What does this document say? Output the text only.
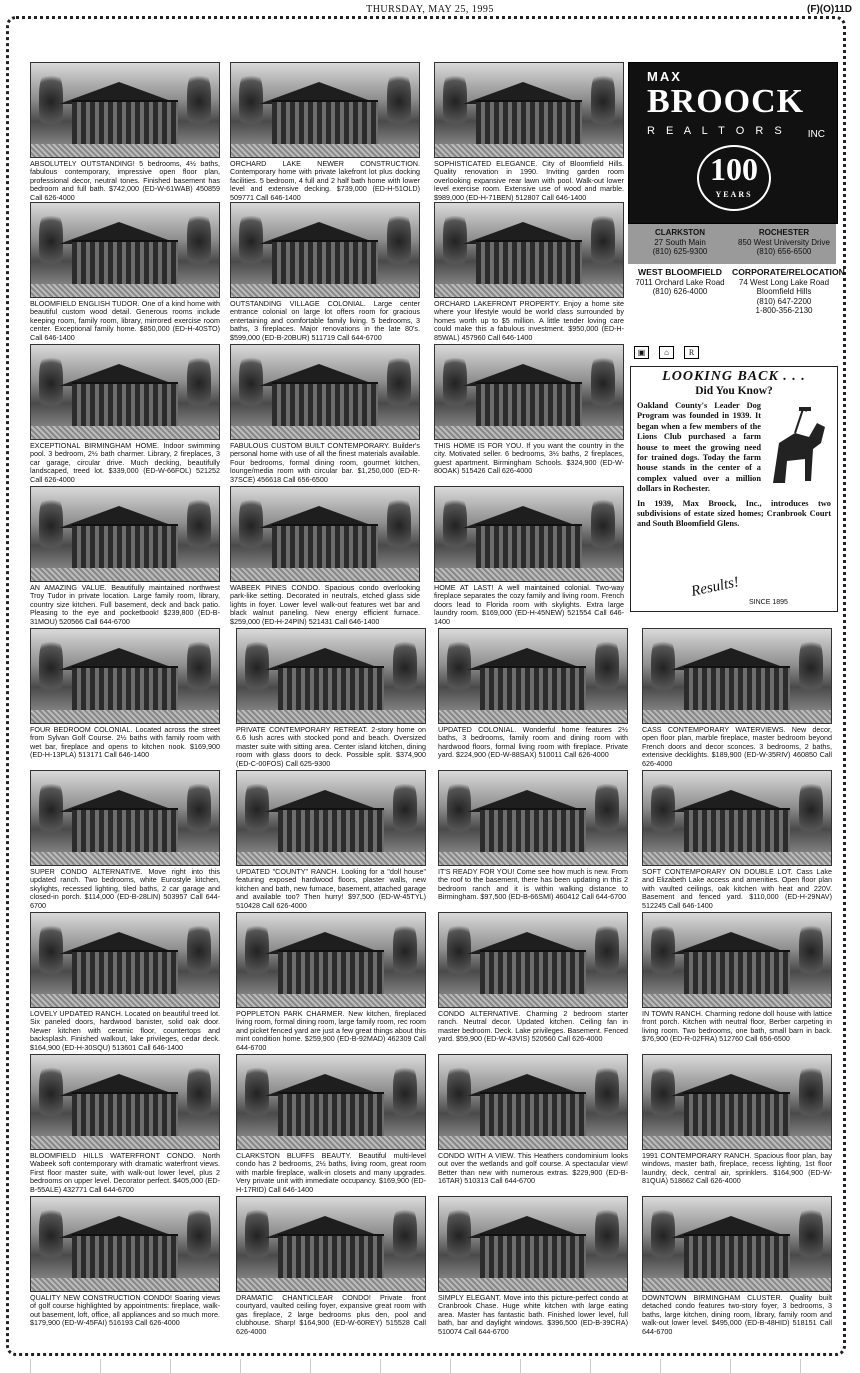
THURSDAY, MAY 25, 1995	(F)(O)11D
ABSOLUTELY OUTSTANDING! 5 bedrooms, 4½ baths, fabulous contemporary, impressive open floor plan, professional decor, neutral tones. Finished basement has bedroom and full bath. $742,000 (ED-W-61WAB) 450859 Call 626-4000
ORCHARD LAKE NEWER CONSTRUCTION. Contemporary home with private lakefront lot plus docking facilities. 5 bedroom, 4 full and 2 half bath home with lower level and extensive decking. $739,000 (ED-H-51OLD) 509771 Call 646-1400
SOPHISTICATED ELEGANCE. City of Bloomfield Hills. Quality renovation in 1990. Inviting garden room overlooking expansive rear lawn with pool. Walk-out lower level exercise room. Extensive use of wood and marble. $989,000 (ED-H-71BEN) 512807 Call 646-1400
BLOOMFIELD ENGLISH TUDOR. One of a kind home with beautiful custom wood detail. Generous rooms include keeping room, family room, library, mirrored exercise room center. Exceptional family home. $850,000 (ED-H-40STO) Call 646-1400
OUTSTANDING VILLAGE COLONIAL. Large center entrance colonial on large lot offers room for gracious entertaining and comfortable family living. 5 bedrooms, 3 baths, 3 fireplaces. Major renovations in the late 80's. $599,000 (ED-B-20BUR) 511719 Call 644-6700
ORCHARD LAKEFRONT PROPERTY. Enjoy a home site where your lifestyle would be world class surrounded by homes worth up to $5 million. A little tender loving care could make this a fabulous investment. $950,000 (ED-H-85WAL) 457960 Call 646-1400
EXCEPTIONAL BIRMINGHAM HOME. Indoor swimming pool. 3 bedroom, 2½ bath charmer. Library, 2 fireplaces, 3 car garage, circular drive. Much decking, beautifully landscaped, treed lot. $339,000 (ED-W-66FOL) 521252 Call 626-4000
FABULOUS CUSTOM BUILT CONTEMPORARY. Builder's personal home with use of all the finest materials available. Four bedrooms, formal dining room, gourmet kitchen, lounge/media room with circular bar. $1,250,000 (ED-R-37SCE) 456618 Call 656-6500
THIS HOME IS FOR YOU. If you want the country in the city. Motivated seller. 6 bedrooms, 3½ baths, 2 fireplaces, guest apartment. Birmingham Schools. $324,900 (ED-W-80OAK) 515426 Call 626-4000
AN AMAZING VALUE. Beautifully maintained northwest Troy Tudor in private location. Large family room, library, country size kitchen. Full basement, deck and back patio. Pleasing to the eye and pocketbook! $239,800 (ED-B-31MOU) 520566 Call 644-6700
WABEEK PINES CONDO. Spacious condo overlooking park-like setting. Decorated in neutrals, etched glass side lights in foyer. Lower level walk-out features wet bar and black walnut paneling. New energy efficient furnace. $259,000 (ED-H-24PIN) 521431 Call 646-1400
HOME AT LAST! A well maintained colonial. Two-way fireplace separates the cozy family and living room. French doors lead to Florida room with skylights. Extra large laundry room. $169,000 (ED-H-45NEW) 521554 Call 646-1400
FOUR BEDROOM COLONIAL. Located across the street from Sylvan Golf Course. 2½ baths with family room with wet bar, fireplace and opens to kitchen nook. $169,900 (ED-H-13PLA) 513171 Call 646-1400
PRIVATE CONTEMPORARY RETREAT. 2-story home on 6.6 lush acres with stocked pond and beach. Oversized master suite with sitting area. Center island kitchen, dining room with glass doors to deck. Possible split. $374,900 (ED-C-00FOS) Call 625-9300
UPDATED COLONIAL. Wonderful home features 2½ baths, 3 bedrooms, family room and dining room with hardwood floors, formal living room with fireplace. Private yard. $224,900 (ED-W-88SAX) 510011 Call 626-4000
CASS CONTEMPORARY WATERVIEWS. New decor, open floor plan, marble fireplace, master bedroom beyond French doors and decor sconces. 3 bedrooms, 2 baths, extensive decklights. $189,900 (ED-W-35RIV) 460850 Call 626-4000
SUPER CONDO ALTERNATIVE. Move right into this updated ranch. Two bedrooms, white Eurostyle kitchen, skylights, recessed lighting, tiled baths, 2 car garage and closed-in porch. $114,000 (ED-B-28LIN) 503957 Call 644-6700
UPDATED "COUNTY" RANCH. Looking for a "doll house" featuring exposed hardwood floors, plaster walls, new kitchen and bath, new furnace, basement, attached garage and available too? Then hurry! $97,500 (ED-W-45TYL) 510428 Call 626-4000
IT'S READY FOR YOU! Come see how much is new. From the roof to the basement, there has been updating in this 2 bedroom ranch and it is within walking distance to Birmingham. $97,500 (ED-B-66SMI) 460412 Call 644-6700
SOFT CONTEMPORARY ON DOUBLE LOT. Cass Lake and Elizabeth Lake access and amenities. Open floor plan with vaulted ceilings, oak kitchen with heat and 220V. Basement and fenced yard. $110,000 (ED-H-29NAV) 512245 Call 646-1400
LOVELY UPDATED RANCH. Located on beautiful treed lot. Six paneled doors, hardwood banister, solid oak door. Newer kitchen with ceramic floor, countertops and backsplash. Finished walkout, lake privileges, cedar deck. $164,900 (ED-H-30SQU) 513601 Call 646-1400
POPPLETON PARK CHARMER. New kitchen, fireplaced living room, formal dining room, large family room, rec room and picket fenced yard are just a few great things about this mint condition home. $259,900 (ED-B-92MAD) 462309 Call 644-6700
CONDO ALTERNATIVE. Charming 2 bedroom starter ranch. Neutral decor. Updated kitchen. Ceiling fan in master bedroom. Deck. Lake privileges. Basement. Fenced yard. $59,900 (ED-W-43VIS) 520560 Call 626-4000
IN TOWN RANCH. Charming redone doll house with lattice front porch. Kitchen with neutral floor, Berber carpeting in living room. Two bedrooms, one bath, small barn in back. $76,900 (ED-R-02FRA) 512760 Call 656-6500
BLOOMFIELD HILLS WATERFRONT CONDO. North Wabeek soft contemporary with dramatic waterfront views. First floor master suite, with walk-out lower level, plus 2 bedrooms on upper level. Decorator perfect. $405,000 (ED-B-55ALE) 432771 Call 644-6700
CLARKSTON BLUFFS BEAUTY. Beautiful multi-level condo has 2 bedrooms, 2½ baths, living room, great room with marble fireplace, walk-in closets and many upgrades. Very private unit with immediate occupancy. $169,900 (ED-H-17RID) Call 646-1400
CONDO WITH A VIEW. This Heathers condominium looks out over the wetlands and golf course. A spectacular view! Better than new with numerous extras. $229,900 (ED-B-16TAR) 510313 Call 644-6700
1991 CONTEMPORARY RANCH. Spacious floor plan, bay windows, master bath, fireplace, recess lighting, 1st floor laundry, deck, central air, sprinklers. $164,900 (ED-W-81QUA) 518662 Call 626-4000
QUALITY NEW CONSTRUCTION CONDO! Soaring views of golf course highlighted by appointments: fireplace, walk-out basement, loft, office, all appliances and so much more. $179,900 (ED-W-45FAI) 516193 Call 626-4000
DRAMATIC CHANTICLEAR CONDO! Private front courtyard, vaulted ceiling foyer, expansive great room with gas fireplace, 2 large bedrooms plus den, pool and clubhouse. Sharp! $164,900 (ED-W-60REY) 515528 Call 626-4000
SIMPLY ELEGANT. Move into this picture-perfect condo at Cranbrook Chase. Huge white kitchen with large eating area. Master has fantastic bath. Finished lower level, full bath, bar and daylight windows. $396,500 (ED-B-39CRA) 510074 Call 644-6700
DOWNTOWN BIRMINGHAM CLUSTER. Quality built detached condo features two-story foyer, 3 bedrooms, 3 baths, large kitchen, dining room, library, family room and walk-out lower level. $495,000 (ED-B-48HID) 518151 Call 644-6700
MAX
BROOCK
R E A L T O R S INC
100
YEARS
CLARKSTON
27 South Main
(810) 625-9300
ROCHESTER
850 West University Drive
(810) 656-6500
WEST BLOOMFIELD
7011 Orchard Lake Road
(810) 626-4000
CORPORATE/RELOCATION
74 West Long Lake Road
Bloomfield Hills
(810) 647-2200
1-800-356-2130
▣ ⌂ R
LOOKING BACK . . .
Did You Know?

Oakland County's Leader Dog Program was founded in 1939. It began when a few members of the Lions Club purchased a farm house to meet the growing need for trained dogs. Today the farm house stands in the center of a complex valued over a million dollars in Rochester.

In 1939, Max Broock, Inc., introduces two subdivisions of estate sized homes; Cranbrook Court and South Bloomfield Glens.

Results!
SINCE 1895
